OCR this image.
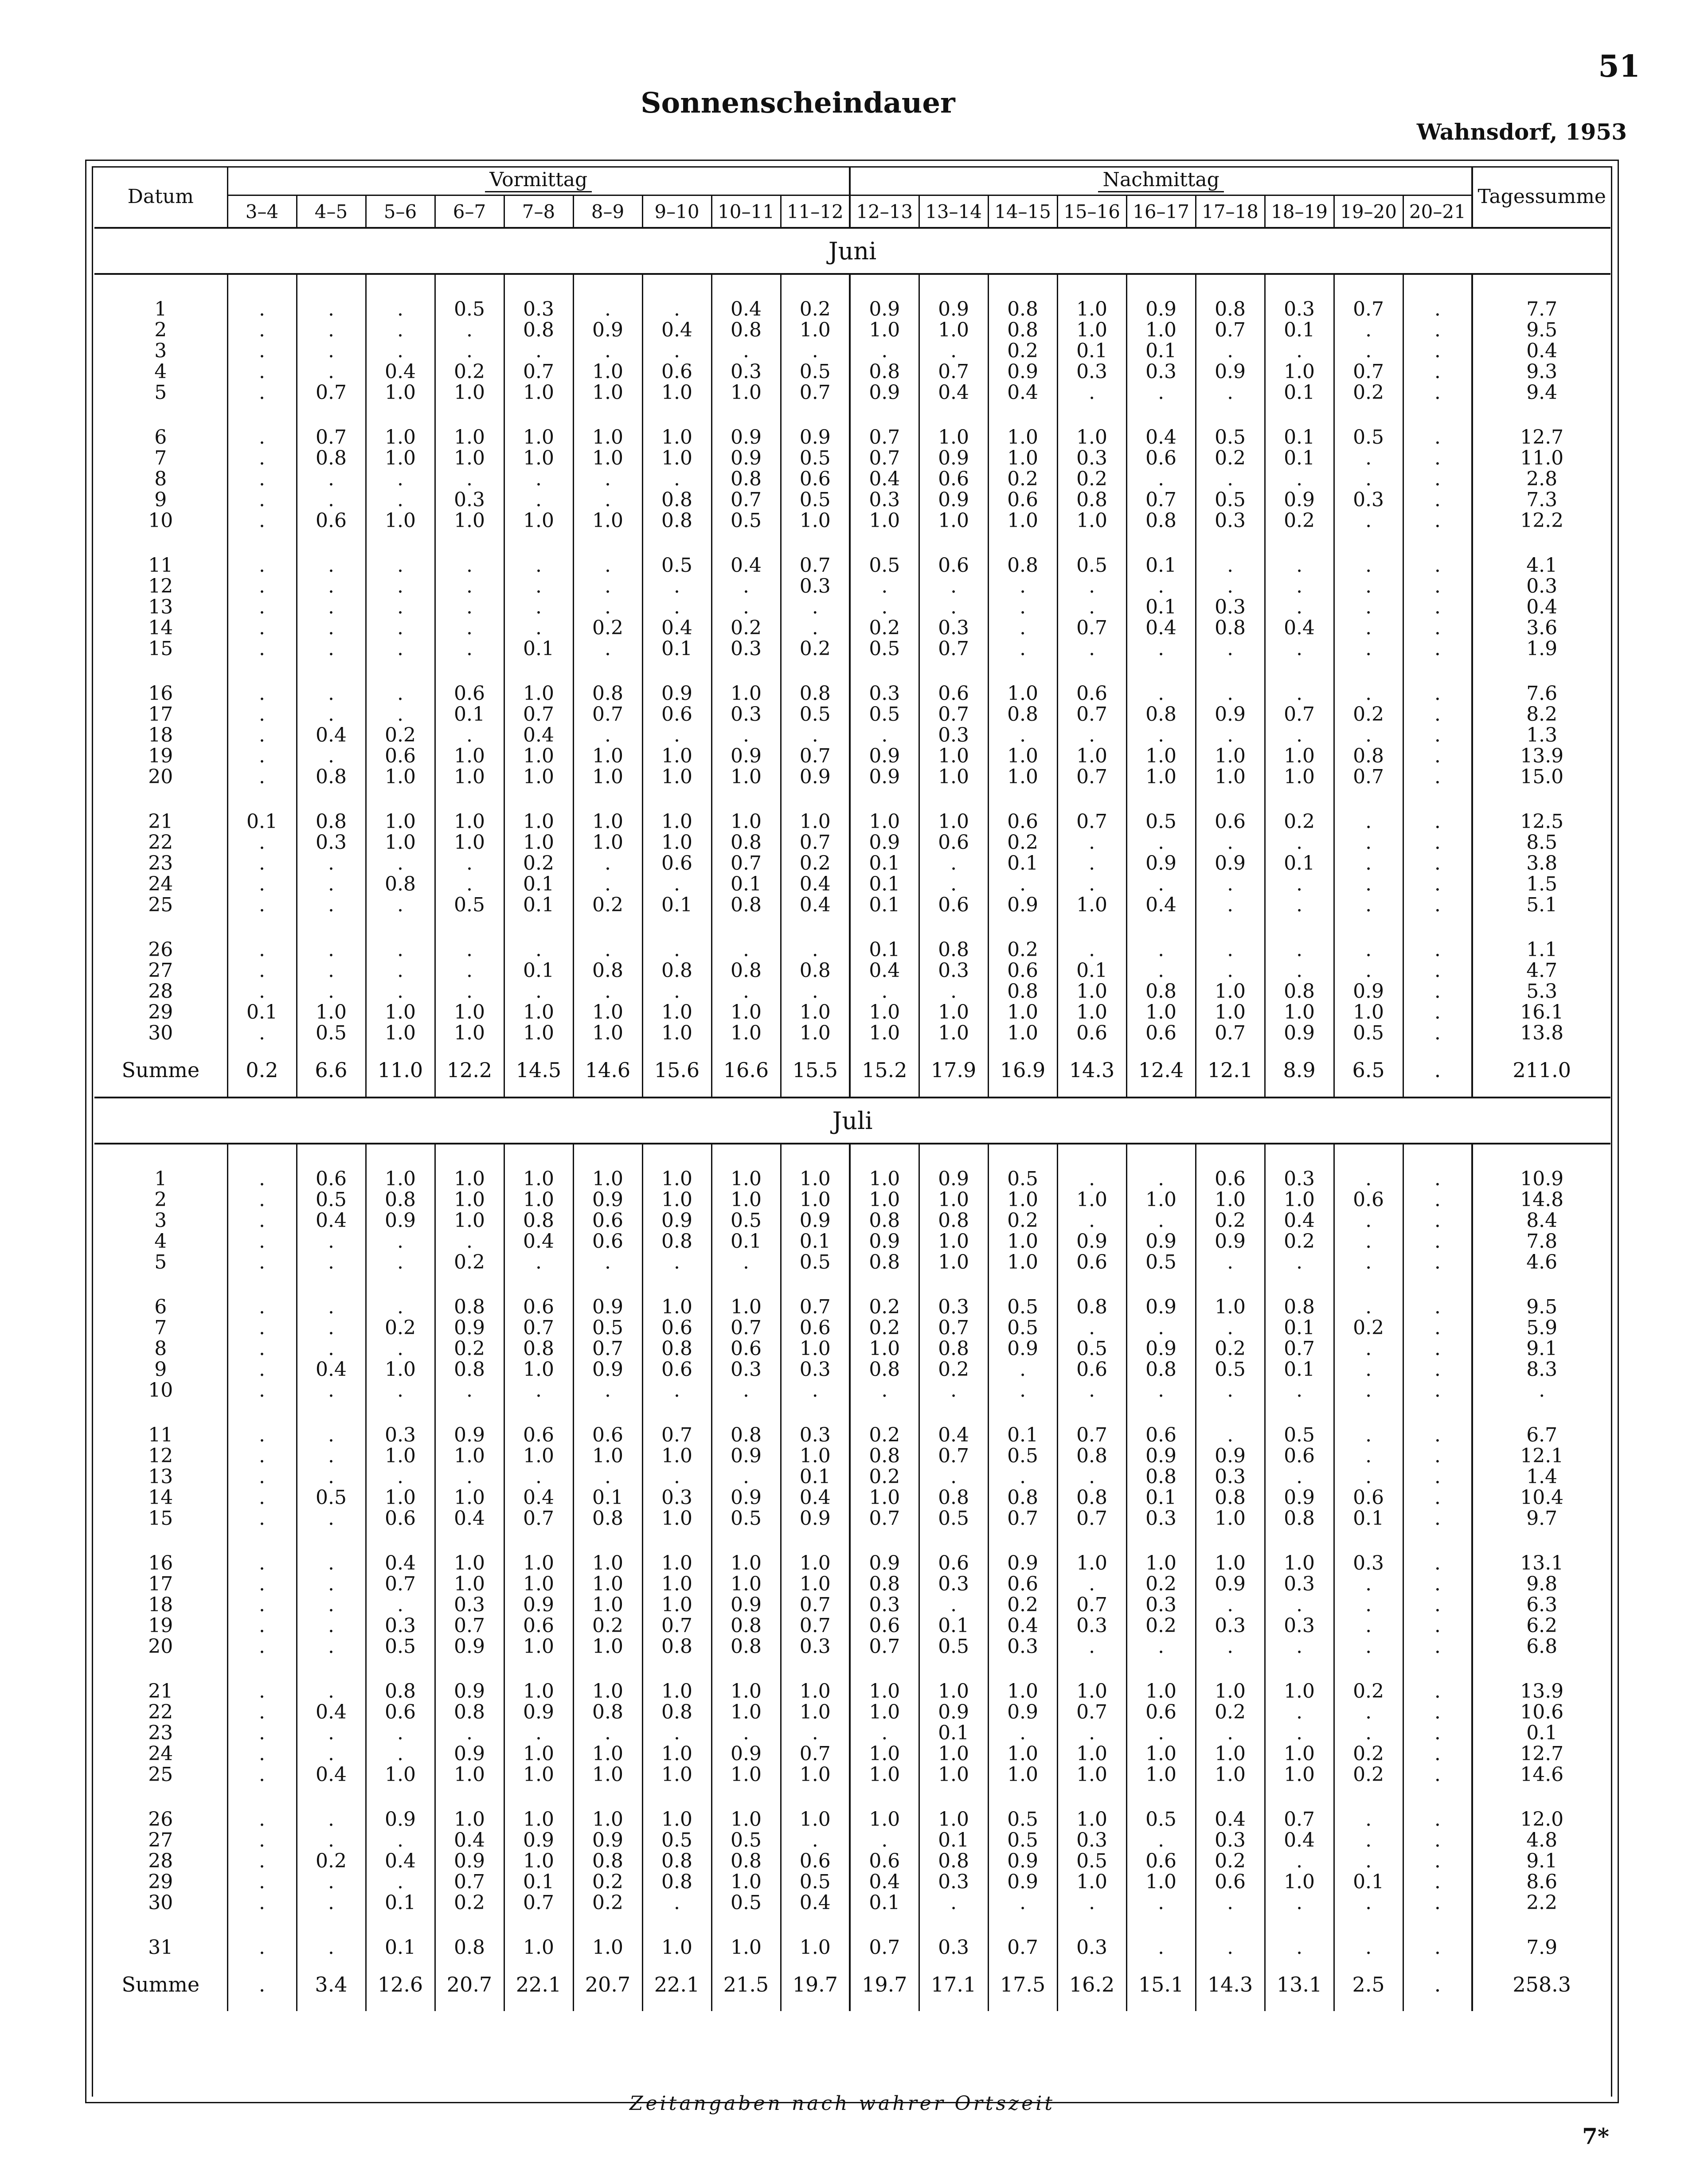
51
Sonnenscheindauer
Wahnsdorf, 1953
Datum	Vormittag									Nachmittag									Tagessumme
	3–4	4–5	5–6	6–7	7–8	8–9	9–10	10–11	11–12	12–13	13–14	14–15	15–16	16–17	17–18	18–19	19–20	20–21	
Juni																			

1	.	.	.	0.5	0.3	.	.	0.4	0.2	0.9	0.9	0.8	1.0	0.9	0.8	0.3	0.7	.	7.7
2	.	.	.	.	0.8	0.9	0.4	0.8	1.0	1.0	1.0	0.8	1.0	1.0	0.7	0.1	.	.	9.5
3	.	.	.	.	.	.	.	.	.	.	.	0.2	0.1	0.1	.	.	.	.	0.4
4	.	.	0.4	0.2	0.7	1.0	0.6	0.3	0.5	0.8	0.7	0.9	0.3	0.3	0.9	1.0	0.7	.	9.3
5	.	0.7	1.0	1.0	1.0	1.0	1.0	1.0	0.7	0.9	0.4	0.4	.	.	.	0.1	0.2	.	9.4

6	.	0.7	1.0	1.0	1.0	1.0	1.0	0.9	0.9	0.7	1.0	1.0	1.0	0.4	0.5	0.1	0.5	.	12.7
7	.	0.8	1.0	1.0	1.0	1.0	1.0	0.9	0.5	0.7	0.9	1.0	0.3	0.6	0.2	0.1	.	.	11.0
8	.	.	.	.	.	.	.	0.8	0.6	0.4	0.6	0.2	0.2	.	.	.	.	.	2.8
9	.	.	.	0.3	.	.	0.8	0.7	0.5	0.3	0.9	0.6	0.8	0.7	0.5	0.9	0.3	.	7.3
10	.	0.6	1.0	1.0	1.0	1.0	0.8	0.5	1.0	1.0	1.0	1.0	1.0	0.8	0.3	0.2	.	.	12.2

11	.	.	.	.	.	.	0.5	0.4	0.7	0.5	0.6	0.8	0.5	0.1	.	.	.	.	4.1
12	.	.	.	.	.	.	.	.	0.3	.	.	.	.	.	.	.	.	.	0.3
13	.	.	.	.	.	.	.	.	.	.	.	.	.	0.1	0.3	.	.	.	0.4
14	.	.	.	.	.	0.2	0.4	0.2	.	0.2	0.3	.	0.7	0.4	0.8	0.4	.	.	3.6
15	.	.	.	.	0.1	.	0.1	0.3	0.2	0.5	0.7	.	.	.	.	.	.	.	1.9

16	.	.	.	0.6	1.0	0.8	0.9	1.0	0.8	0.3	0.6	1.0	0.6	.	.	.	.	.	7.6
17	.	.	.	0.1	0.7	0.7	0.6	0.3	0.5	0.5	0.7	0.8	0.7	0.8	0.9	0.7	0.2	.	8.2
18	.	0.4	0.2	.	0.4	.	.	.	.	.	0.3	.	.	.	.	.	.	.	1.3
19	.	.	0.6	1.0	1.0	1.0	1.0	0.9	0.7	0.9	1.0	1.0	1.0	1.0	1.0	1.0	0.8	.	13.9
20	.	0.8	1.0	1.0	1.0	1.0	1.0	1.0	0.9	0.9	1.0	1.0	0.7	1.0	1.0	1.0	0.7	.	15.0

21	0.1	0.8	1.0	1.0	1.0	1.0	1.0	1.0	1.0	1.0	1.0	0.6	0.7	0.5	0.6	0.2	.	.	12.5
22	.	0.3	1.0	1.0	1.0	1.0	1.0	0.8	0.7	0.9	0.6	0.2	.	.	.	.	.	.	8.5
23	.	.	.	.	0.2	.	0.6	0.7	0.2	0.1	.	0.1	.	0.9	0.9	0.1	.	.	3.8
24	.	.	0.8	.	0.1	.	.	0.1	0.4	0.1	.	.	.	.	.	.	.	.	1.5
25	.	.	.	0.5	0.1	0.2	0.1	0.8	0.4	0.1	0.6	0.9	1.0	0.4	.	.	.	.	5.1

26	.	.	.	.	.	.	.	.	.	0.1	0.8	0.2	.	.	.	.	.	.	1.1
27	.	.	.	.	0.1	0.8	0.8	0.8	0.8	0.4	0.3	0.6	0.1	.	.	.	.	.	4.7
28	.	.	.	.	.	.	.	.	.	.	.	0.8	1.0	0.8	1.0	0.8	0.9	.	5.3
29	0.1	1.0	1.0	1.0	1.0	1.0	1.0	1.0	1.0	1.0	1.0	1.0	1.0	1.0	1.0	1.0	1.0	.	16.1
30	.	0.5	1.0	1.0	1.0	1.0	1.0	1.0	1.0	1.0	1.0	1.0	0.6	0.6	0.7	0.9	0.5	.	13.8
Summe	0.2	6.6	11.0	12.2	14.5	14.6	15.6	16.6	15.5	15.2	17.9	16.9	14.3	12.4	12.1	8.9	6.5	.	211.0
Juli																			

1	.	0.6	1.0	1.0	1.0	1.0	1.0	1.0	1.0	1.0	0.9	0.5	.	.	0.6	0.3	.	.	10.9
2	.	0.5	0.8	1.0	1.0	0.9	1.0	1.0	1.0	1.0	1.0	1.0	1.0	1.0	1.0	1.0	0.6	.	14.8
3	.	0.4	0.9	1.0	0.8	0.6	0.9	0.5	0.9	0.8	0.8	0.2	.	.	0.2	0.4	.	.	8.4
4	.	.	.	.	0.4	0.6	0.8	0.1	0.1	0.9	1.0	1.0	0.9	0.9	0.9	0.2	.	.	7.8
5	.	.	.	0.2	.	.	.	.	0.5	0.8	1.0	1.0	0.6	0.5	.	.	.	.	4.6

6	.	.	.	0.8	0.6	0.9	1.0	1.0	0.7	0.2	0.3	0.5	0.8	0.9	1.0	0.8	.	.	9.5
7	.	.	0.2	0.9	0.7	0.5	0.6	0.7	0.6	0.2	0.7	0.5	.	.	.	0.1	0.2	.	5.9
8	.	.	.	0.2	0.8	0.7	0.8	0.6	1.0	1.0	0.8	0.9	0.5	0.9	0.2	0.7	.	.	9.1
9	.	0.4	1.0	0.8	1.0	0.9	0.6	0.3	0.3	0.8	0.2	.	0.6	0.8	0.5	0.1	.	.	8.3
10	.	.	.	.	.	.	.	.	.	.	.	.	.	.	.	.	.	.	.

11	.	.	0.3	0.9	0.6	0.6	0.7	0.8	0.3	0.2	0.4	0.1	0.7	0.6	.	0.5	.	.	6.7
12	.	.	1.0	1.0	1.0	1.0	1.0	0.9	1.0	0.8	0.7	0.5	0.8	0.9	0.9	0.6	.	.	12.1
13	.	.	.	.	.	.	.	.	0.1	0.2	.	.	.	0.8	0.3	.	.	.	1.4
14	.	0.5	1.0	1.0	0.4	0.1	0.3	0.9	0.4	1.0	0.8	0.8	0.8	0.1	0.8	0.9	0.6	.	10.4
15	.	.	0.6	0.4	0.7	0.8	1.0	0.5	0.9	0.7	0.5	0.7	0.7	0.3	1.0	0.8	0.1	.	9.7

16	.	.	0.4	1.0	1.0	1.0	1.0	1.0	1.0	0.9	0.6	0.9	1.0	1.0	1.0	1.0	0.3	.	13.1
17	.	.	0.7	1.0	1.0	1.0	1.0	1.0	1.0	0.8	0.3	0.6	.	0.2	0.9	0.3	.	.	9.8
18	.	.	.	0.3	0.9	1.0	1.0	0.9	0.7	0.3	.	0.2	0.7	0.3	.	.	.	.	6.3
19	.	.	0.3	0.7	0.6	0.2	0.7	0.8	0.7	0.6	0.1	0.4	0.3	0.2	0.3	0.3	.	.	6.2
20	.	.	0.5	0.9	1.0	1.0	0.8	0.8	0.3	0.7	0.5	0.3	.	.	.	.	.	.	6.8

21	.	.	0.8	0.9	1.0	1.0	1.0	1.0	1.0	1.0	1.0	1.0	1.0	1.0	1.0	1.0	0.2	.	13.9
22	.	0.4	0.6	0.8	0.9	0.8	0.8	1.0	1.0	1.0	0.9	0.9	0.7	0.6	0.2	.	.	.	10.6
23	.	.	.	.	.	.	.	.	.	.	0.1	.	.	.	.	.	.	.	0.1
24	.	.	.	0.9	1.0	1.0	1.0	0.9	0.7	1.0	1.0	1.0	1.0	1.0	1.0	1.0	0.2	.	12.7
25	.	0.4	1.0	1.0	1.0	1.0	1.0	1.0	1.0	1.0	1.0	1.0	1.0	1.0	1.0	1.0	0.2	.	14.6

26	.	.	0.9	1.0	1.0	1.0	1.0	1.0	1.0	1.0	1.0	0.5	1.0	0.5	0.4	0.7	.	.	12.0
27	.	.	.	0.4	0.9	0.9	0.5	0.5	.	.	0.1	0.5	0.3	.	0.3	0.4	.	.	4.8
28	.	0.2	0.4	0.9	1.0	0.8	0.8	0.8	0.6	0.6	0.8	0.9	0.5	0.6	0.2	.	.	.	9.1
29	.	.	.	0.7	0.1	0.2	0.8	1.0	0.5	0.4	0.3	0.9	1.0	1.0	0.6	1.0	0.1	.	8.6
30	.	.	0.1	0.2	0.7	0.2	.	0.5	0.4	0.1	.	.	.	.	.	.	.	.	2.2

31	.	.	0.1	0.8	1.0	1.0	1.0	1.0	1.0	0.7	0.3	0.7	0.3	.	.	.	.	.	7.9
Summe	.	3.4	12.6	20.7	22.1	20.7	22.1	21.5	19.7	19.7	17.1	17.5	16.2	15.1	14.3	13.1	2.5	.	258.3
Zeitangaben nach wahrer Ortszeit
7*
